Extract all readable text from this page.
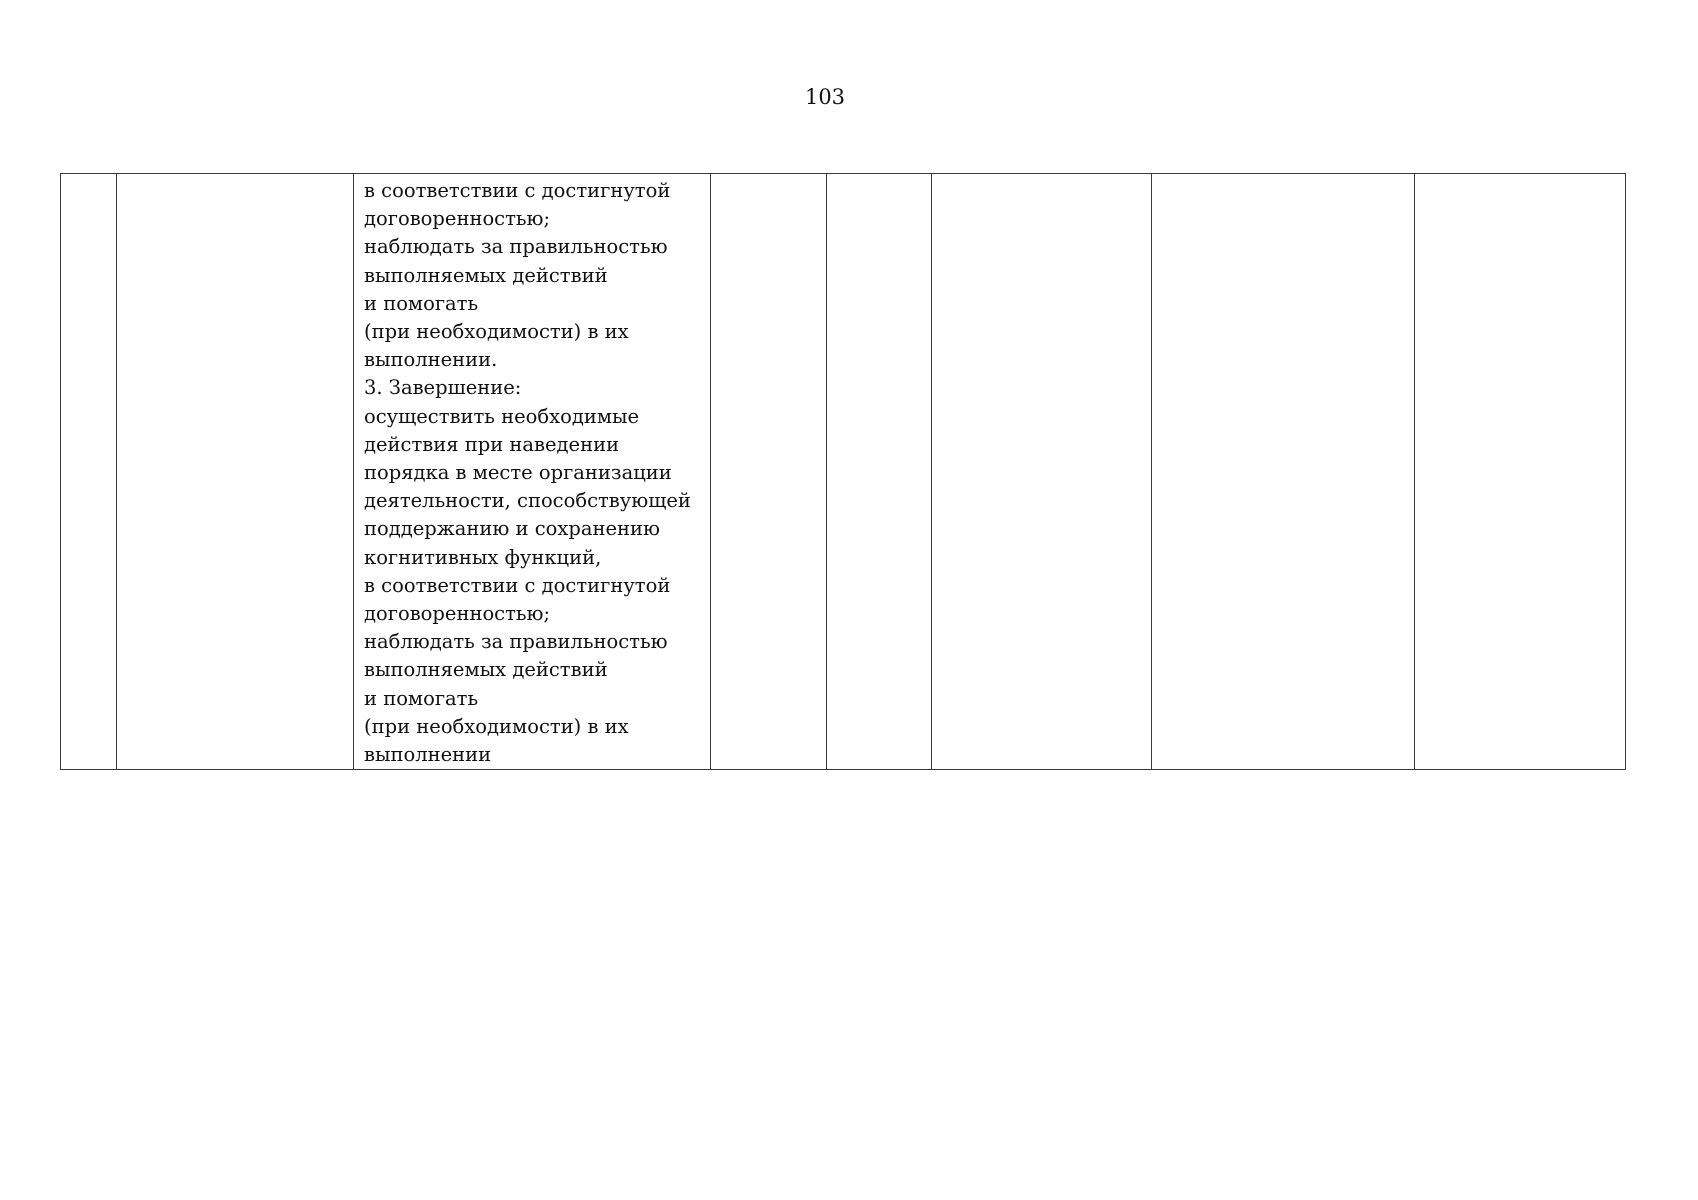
103

в соответствии с достигнутой
договоренностью;
наблюдать за правильностью
выполняемых действий
и помогать
(при необходимости) в их
выполнении.
3. Завершение:
осуществить необходимые
действия при наведении
порядка в месте организации
деятельности, способствующей
поддержанию и сохранению
когнитивных функций,
в соответствии с достигнутой
договоренностью;
наблюдать за правильностью
выполняемых действий
и помогать
(при необходимости) в их
выполнении
